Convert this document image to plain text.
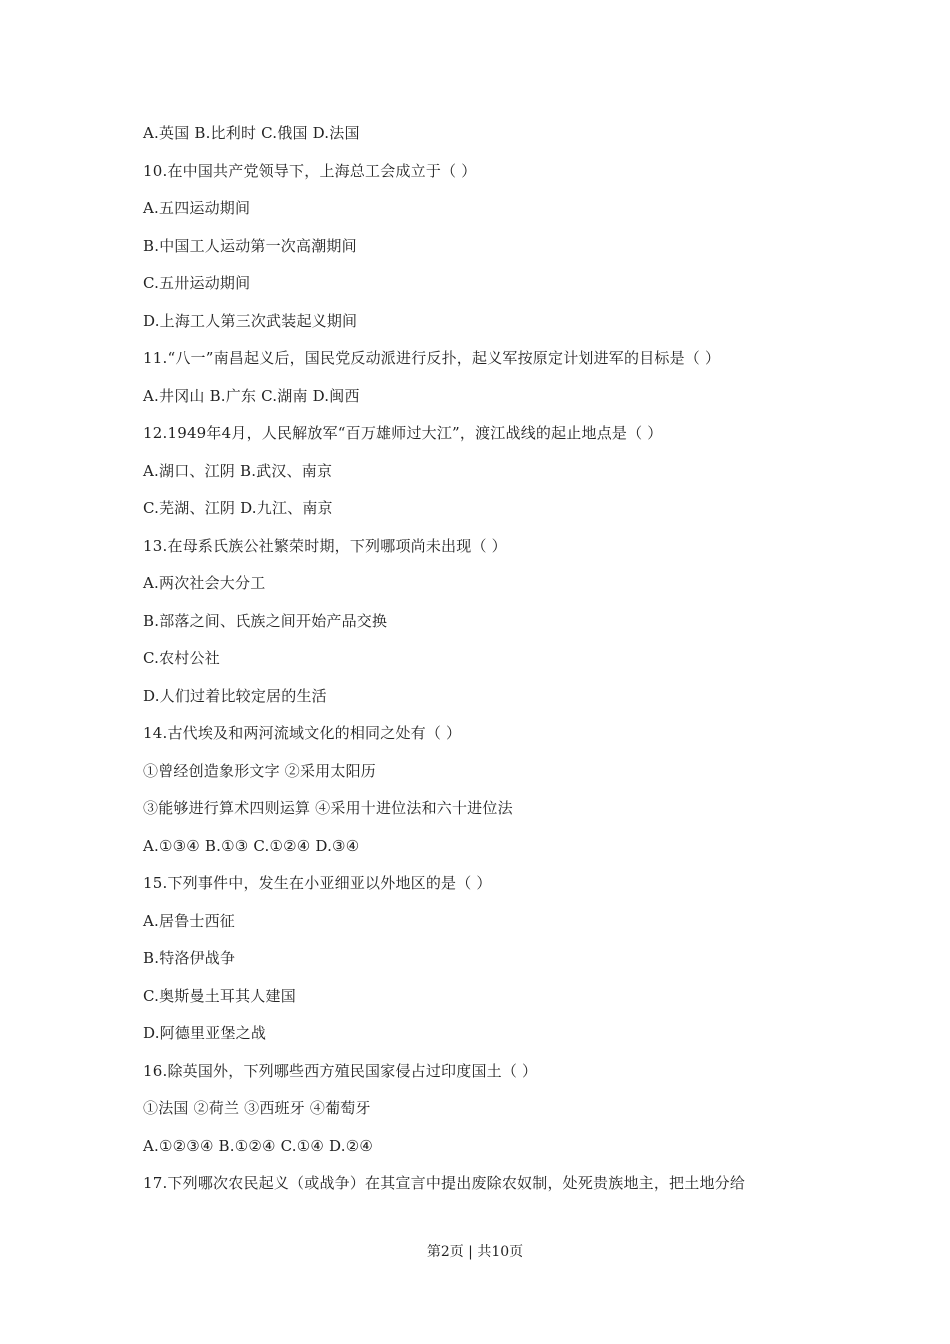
A.英国 B.比利时 C.俄国 D.法国
10.在中国共产党领导下，上海总工会成立于（ ）
A.五四运动期间
B.中国工人运动第一次高潮期间
C.五卅运动期间
D.上海工人第三次武装起义期间
11.“八一”南昌起义后，国民党反动派进行反扑，起义军按原定计划进军的目标是（ ）
A.井冈山 B.广东 C.湖南 D.闽西
12.1949年4月，人民解放军“百万雄师过大江”，渡江战线的起止地点是（ ）
A.湖口、江阴 B.武汉、南京
C.芜湖、江阴 D.九江、南京
13.在母系氏族公社繁荣时期，下列哪项尚未出现（ ）
A.两次社会大分工
B.部落之间、氏族之间开始产品交换
C.农村公社
D.人们过着比较定居的生活
14.古代埃及和两河流域文化的相同之处有（ ）
①曾经创造象形文字 ②采用太阳历
③能够进行算术四则运算 ④采用十进位法和六十进位法
A.①③④ B.①③ C.①②④ D.③④
15.下列事件中，发生在小亚细亚以外地区的是（ ）
A.居鲁士西征
B.特洛伊战争
C.奥斯曼土耳其人建国
D.阿德里亚堡之战
16.除英国外，下列哪些西方殖民国家侵占过印度国土（ ）
①法国 ②荷兰 ③西班牙 ④葡萄牙
A.①②③④ B.①②④ C.①④ D.②④
17.下列哪次农民起义（或战争）在其宣言中提出废除农奴制，处死贵族地主，把土地分给
第2页 | 共10页
